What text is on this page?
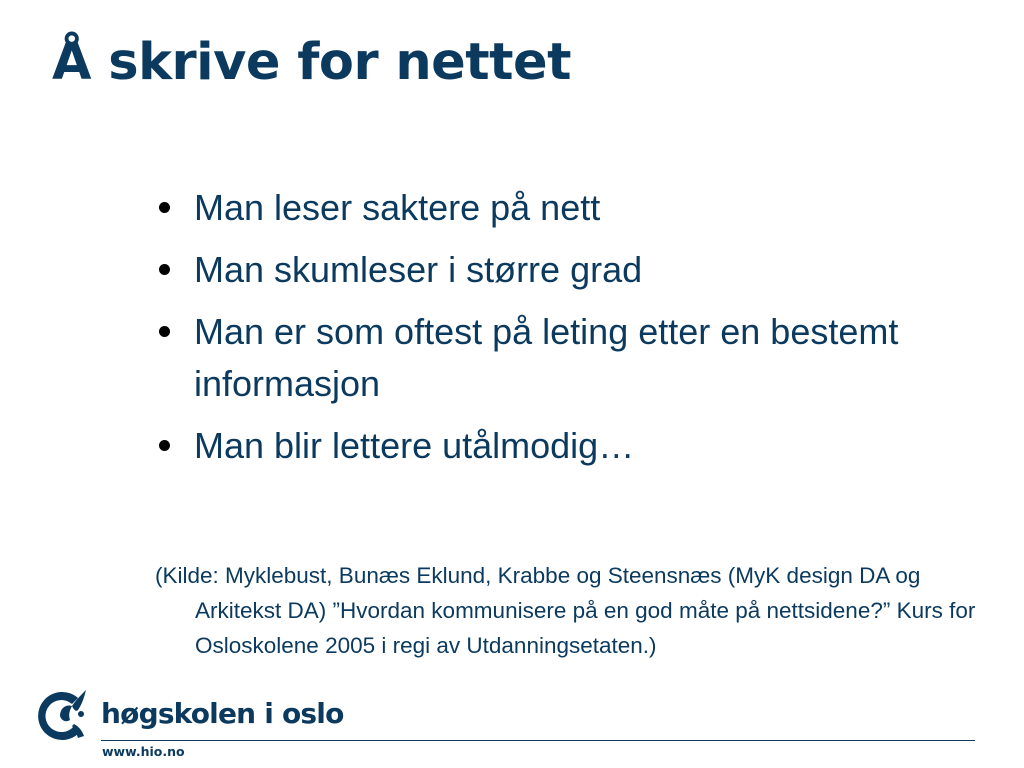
Å skrive for nettet
Man leser saktere på nett
Man skumleser i større grad
Man er som oftest på leting etter en bestemt informasjon
Man blir lettere utålmodig…

(Kilde: Myklebust, Bunæs Eklund, Krabbe og Steensnæs (MyK design DA og Arkitekst DA) ”Hvordan kommunisere på en god måte på nettsidene?” Kurs for Osloskolene 2005 i regi av Utdanningsetaten.)

høgskolen i oslo

www.hio.no
